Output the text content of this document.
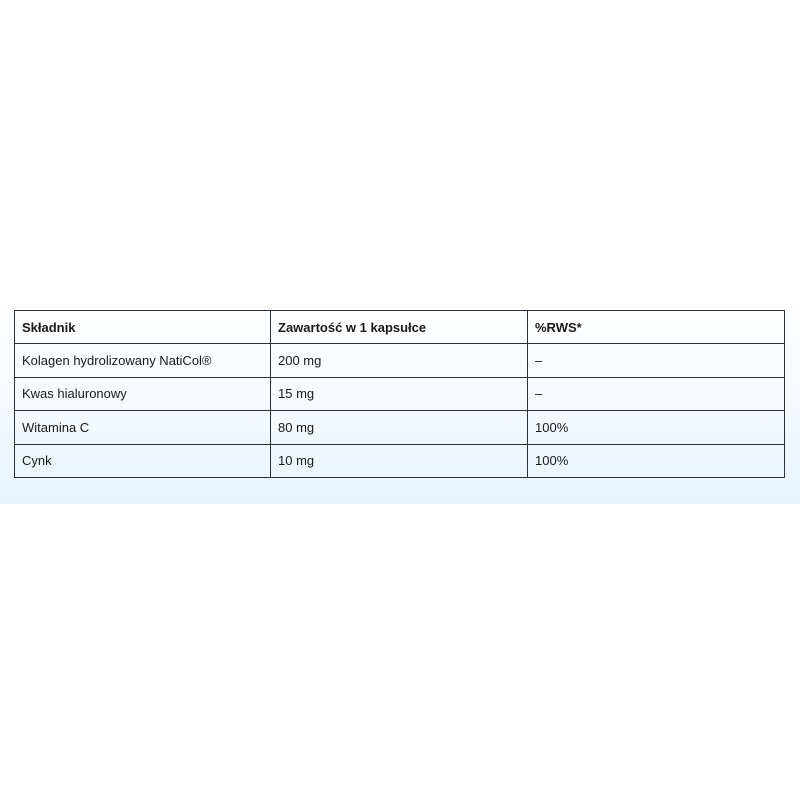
Składnik	Zawartość w 1 kapsułce	%RWS*
Kolagen hydrolizowany NatiCol®	200 mg	–
Kwas hialuronowy	15 mg	–
Witamina C	80 mg	100%
Cynk	10 mg	100%
